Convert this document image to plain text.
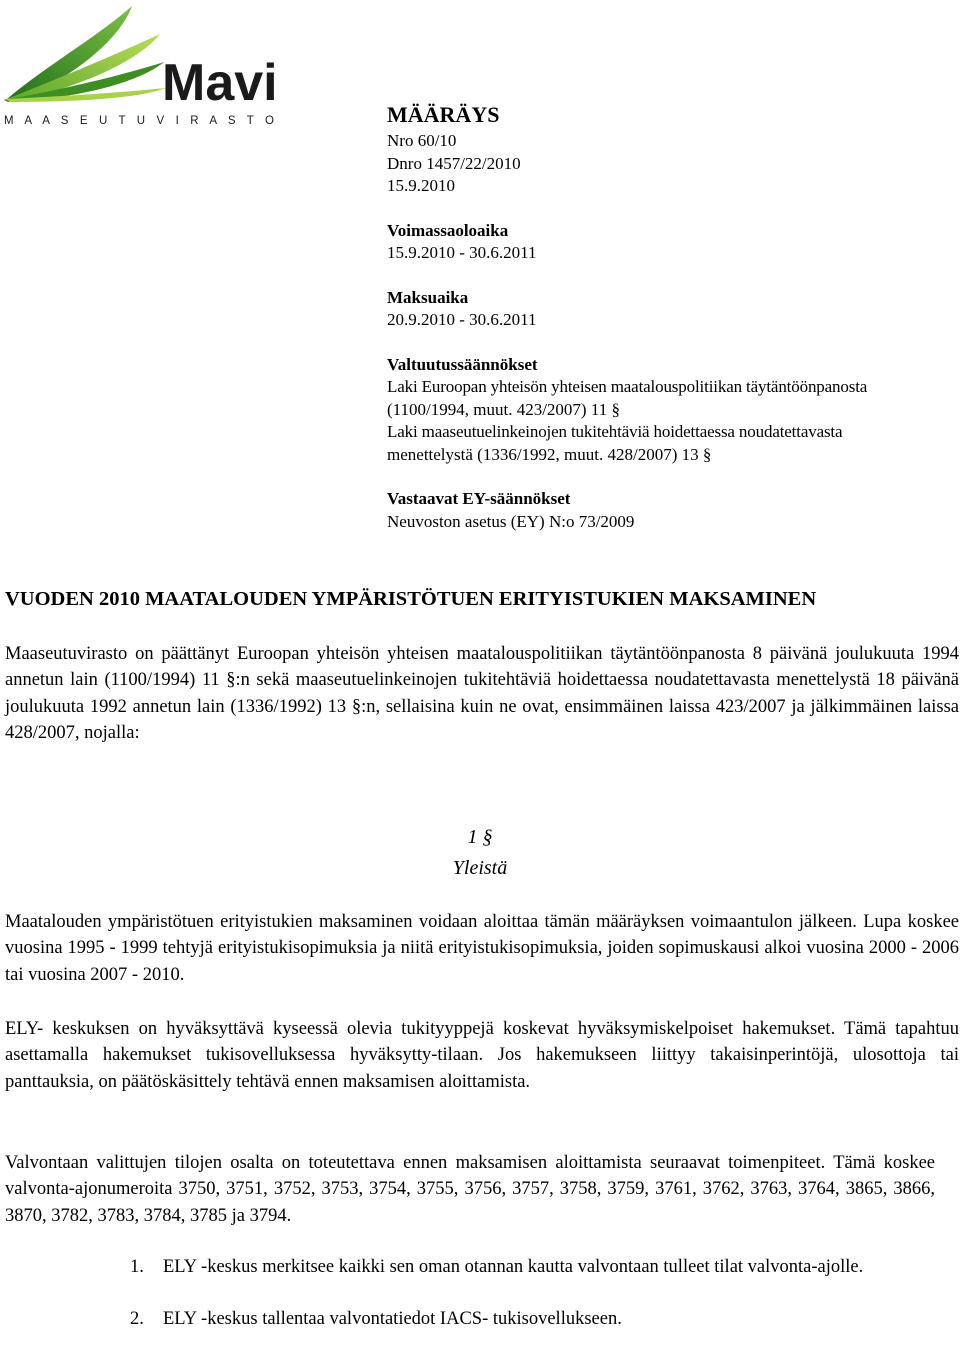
Mavi
M A A S E U T U V I R A S T O	MÄÄRÄYS
Nro 60/10
Dnro 1457/22/2010
15.9.2010
Voimassaoloaika
15.9.2010 - 30.6.2011
Maksuaika
20.9.2010 - 30.6.2011
Valtuutussäännökset
Laki Euroopan yhteisön yhteisen maatalouspolitiikan täytäntöönpanosta
(1100/1994, muut. 423/2007) 11 §
Laki maaseutuelinkeinojen tukitehtäviä hoidettaessa noudatettavasta
menettelystä (1336/1992, muut. 428/2007) 13 §
Vastaavat EY-säännökset
Neuvoston asetus (EY) N:o 73/2009
VUODEN 2010 MAATALOUDEN YMPÄRISTÖTUEN ERITYISTUKIEN MAKSAMINEN
Maaseutuvirasto on päättänyt Euroopan yhteisön yhteisen maatalouspolitiikan täytäntöönpanosta 8 päivänä joulukuuta 1994 annetun lain (1100/1994) 11 §:n sekä maaseutuelinkeinojen tukitehtäviä hoidettaessa noudatettavasta menettelystä 18 päivänä joulukuuta 1992 annetun lain (1336/1992) 13 §:n, sellaisina kuin ne ovat, ensimmäinen laissa 423/2007 ja jälkimmäinen laissa 428/2007, nojalla:
1 §
Yleistä
Maatalouden ympäristötuen erityistukien maksaminen voidaan aloittaa tämän määräyksen voimaantulon jälkeen. Lupa koskee vuosina 1995 - 1999 tehtyjä erityistukisopimuksia ja niitä erityistukisopimuksia, joiden sopimuskausi alkoi vuosina 2000 - 2006 tai vuosina 2007 - 2010.
ELY- keskuksen on hyväksyttävä kyseessä olevia tukityyppejä koskevat hyväksymiskelpoiset hakemukset. Tämä tapahtuu asettamalla hakemukset tukisovelluksessa hyväksytty-tilaan. Jos hakemukseen liittyy takaisinperintöjä, ulosottoja tai panttauksia, on päätöskäsittely tehtävä ennen maksamisen aloittamista.
Valvontaan valittujen tilojen osalta on toteutettava ennen maksamisen aloittamista seuraavat toimenpiteet. Tämä koskee valvonta-ajonumeroita 3750, 3751, 3752, 3753, 3754, 3755, 3756, 3757, 3758, 3759, 3761, 3762, 3763, 3764, 3865, 3866, 3870, 3782, 3783, 3784, 3785 ja 3794.
1. ELY -keskus merkitsee kaikki sen oman otannan kautta valvontaan tulleet tilat valvonta-ajolle.
2. ELY -keskus tallentaa valvontatiedot IACS- tukisovellukseen.
